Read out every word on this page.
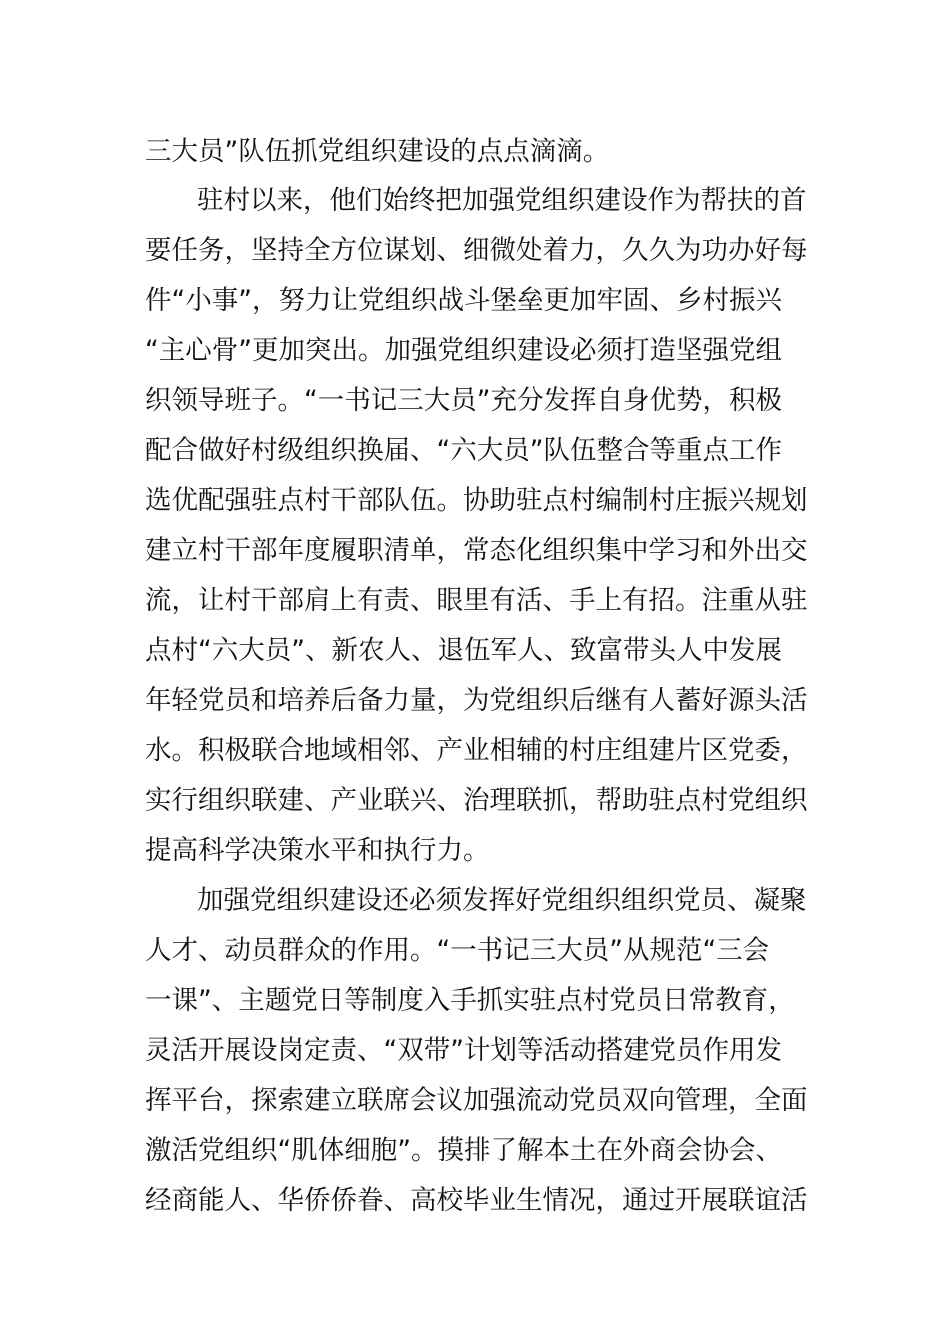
三大员”队伍抓党组织建设的点点滴滴。
驻村以来，他们始终把加强党组织建设作为帮扶的首
要任务，坚持全方位谋划、细微处着力，久久为功办好每
件“小事”，努力让党组织战斗堡垒更加牢固、乡村振兴
“主心骨”更加突出。加强党组织建设必须打造坚强党组
织领导班子。“一书记三大员”充分发挥自身优势，积极
配合做好村级组织换届、“六大员”队伍整合等重点工作
选优配强驻点村干部队伍。协助驻点村编制村庄振兴规划
建立村干部年度履职清单，常态化组织集中学习和外出交
流，让村干部肩上有责、眼里有活、手上有招。注重从驻
点村“六大员”、新农人、退伍军人、致富带头人中发展
年轻党员和培养后备力量，为党组织后继有人蓄好源头活
水。积极联合地域相邻、产业相辅的村庄组建片区党委，
实行组织联建、产业联兴、治理联抓，帮助驻点村党组织
提高科学决策水平和执行力。
加强党组织建设还必须发挥好党组织组织党员、凝聚
人才、动员群众的作用。“一书记三大员”从规范“三会
一课”、主题党日等制度入手抓实驻点村党员日常教育，
灵活开展设岗定责、“双带”计划等活动搭建党员作用发
挥平台，探索建立联席会议加强流动党员双向管理，全面
激活党组织“肌体细胞”。摸排了解本土在外商会协会、
经商能人、华侨侨眷、高校毕业生情况，通过开展联谊活
